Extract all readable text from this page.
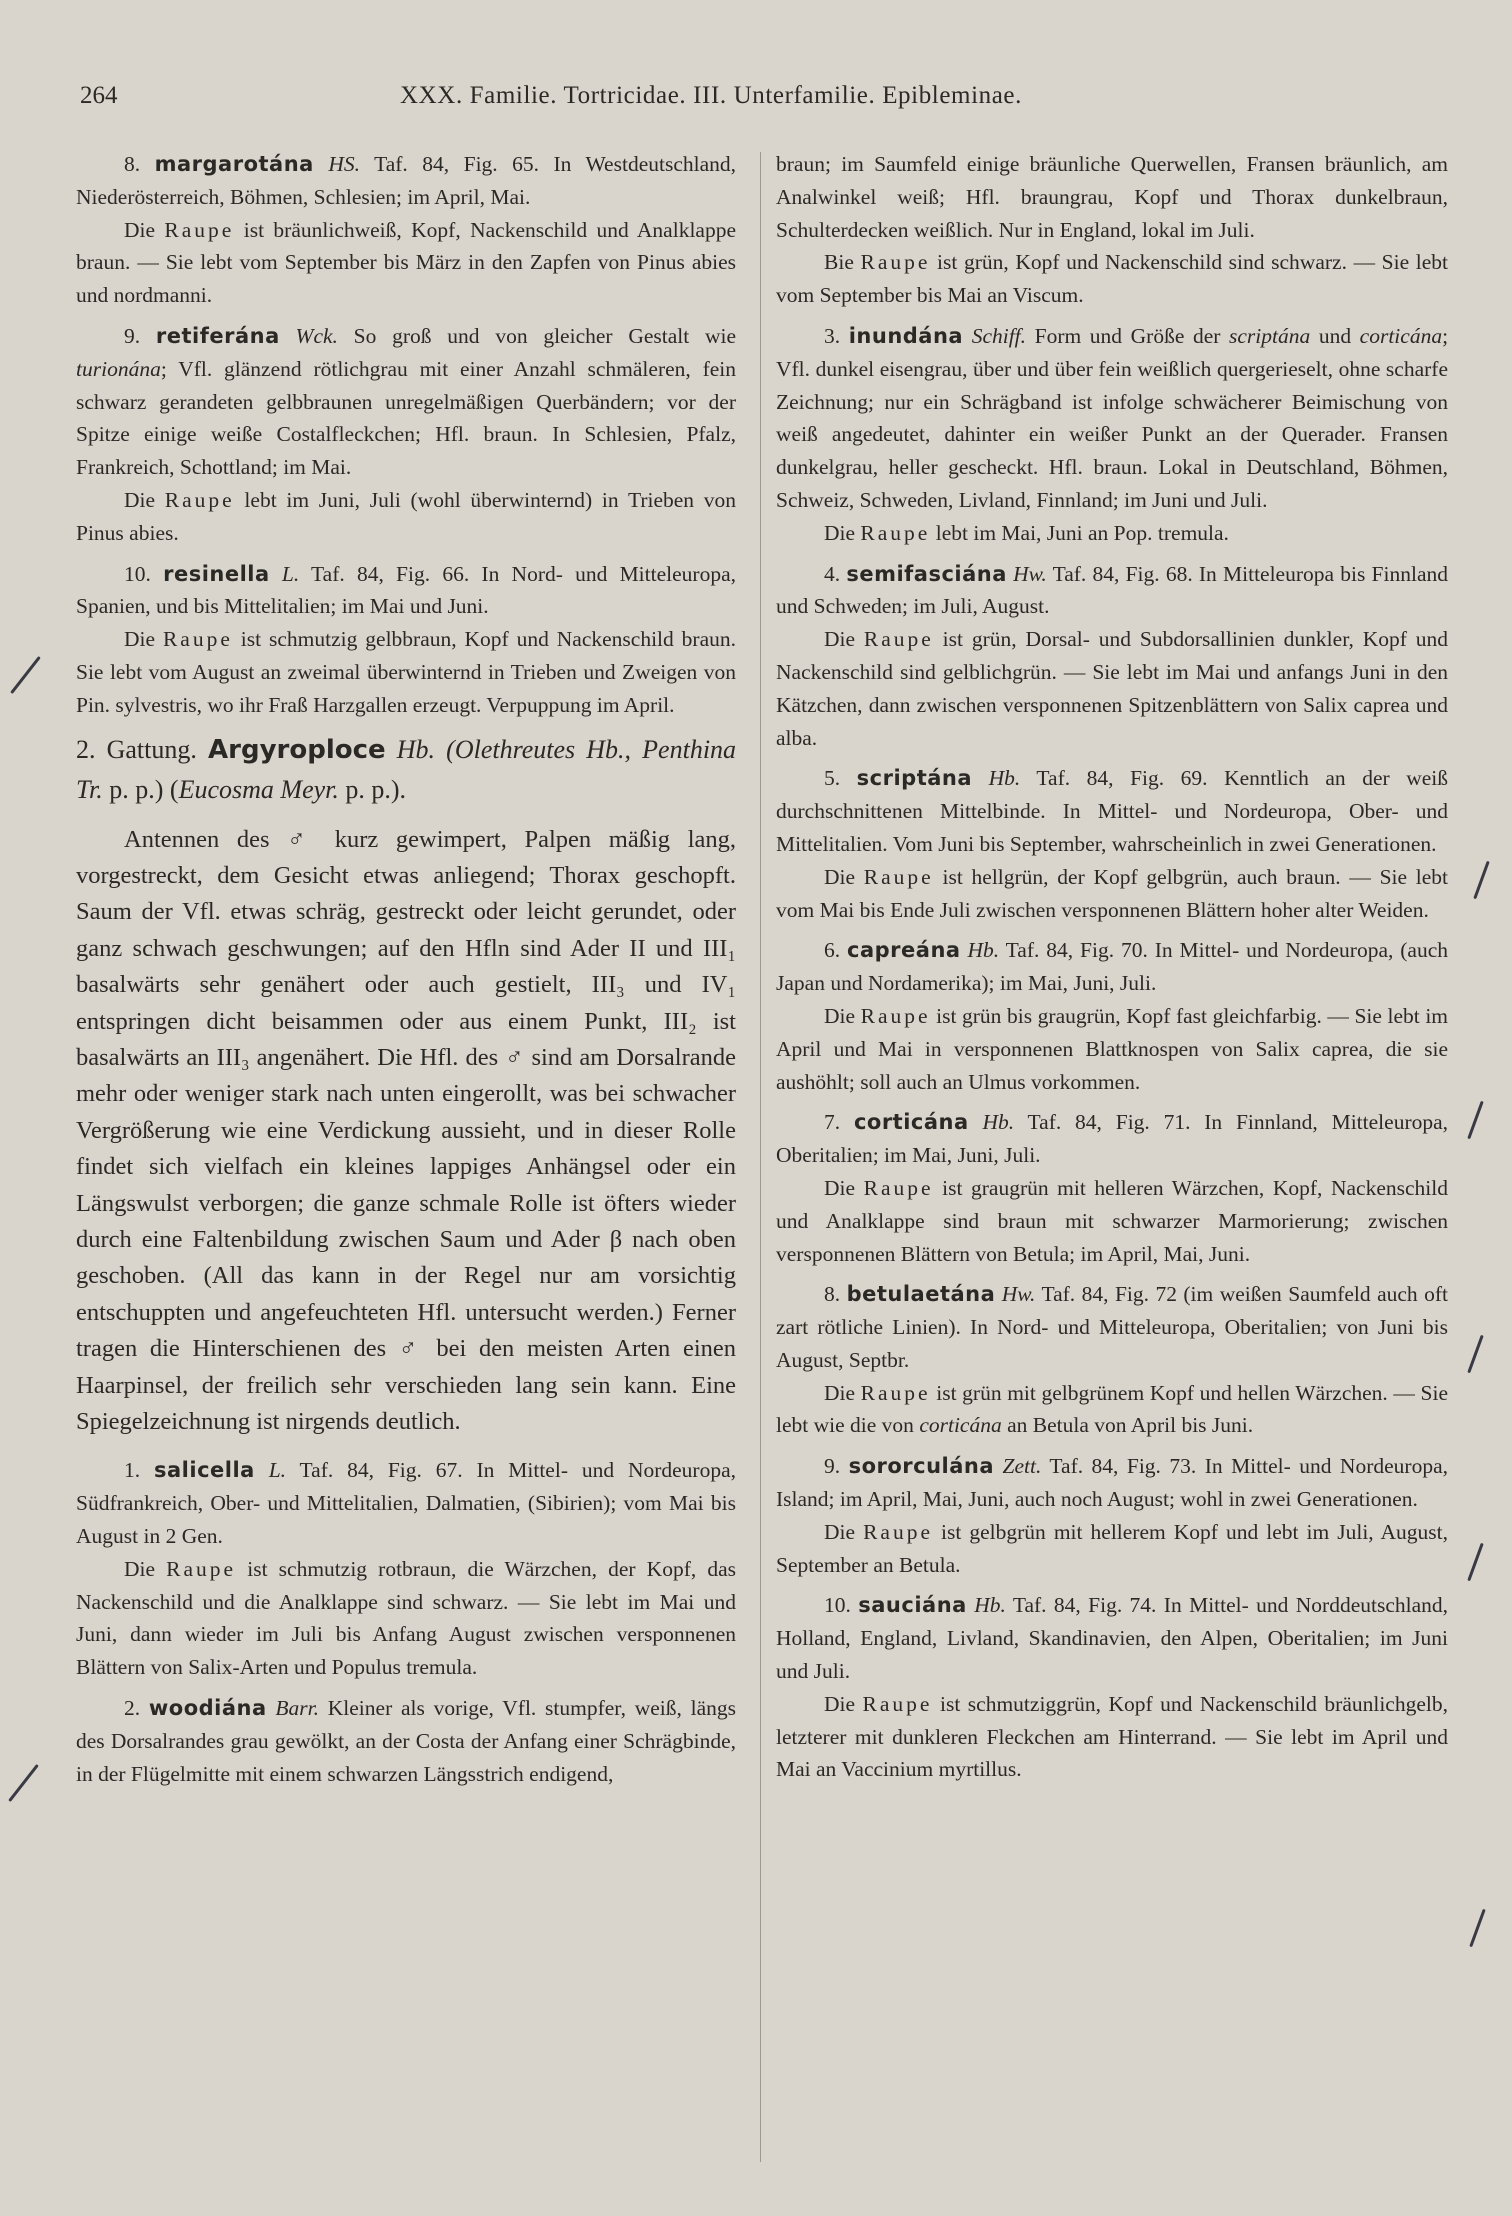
264	XXX. Familie. Tortricidae. III. Unterfamilie. Epibleminae.

8. margarotána HS. Taf. 84, Fig. 65. In Westdeutschland, Niederösterreich, Böhmen, Schlesien; im April, Mai.

Die Raupe ist bräunlichweiß, Kopf, Nackenschild und Analklappe braun. — Sie lebt vom September bis März in den Zapfen von Pinus abies und nordmanni.

9. retiferána Wck. So groß und von gleicher Gestalt wie turionána; Vfl. glänzend rötlichgrau mit einer Anzahl schmäleren, fein schwarz gerandeten gelbbraunen unregelmäßigen Querbändern; vor der Spitze einige weiße Costalfleckchen; Hfl. braun. In Schlesien, Pfalz, Frankreich, Schottland; im Mai.

Die Raupe lebt im Juni, Juli (wohl überwinternd) in Trieben von Pinus abies.

10. resinella L. Taf. 84, Fig. 66. In Nord- und Mitteleuropa, Spanien, und bis Mittelitalien; im Mai und Juni.

Die Raupe ist schmutzig gelbbraun, Kopf und Nackenschild braun. Sie lebt vom August an zweimal überwinternd in Trieben und Zweigen von Pin. sylvestris, wo ihr Fraß Harzgallen erzeugt. Verpuppung im April.

2. Gattung. Argyroploce Hb. (Olethreutes Hb., Penthina Tr. p. p.) (Eucosma Meyr. p. p.).

Antennen des ♂ kurz gewimpert, Palpen mäßig lang, vorgestreckt, dem Gesicht etwas anliegend; Thorax geschopft. Saum der Vfl. etwas schräg, gestreckt oder leicht gerundet, oder ganz schwach geschwungen; auf den Hfln sind Ader II und III₁ basalwärts sehr genähert oder auch gestielt, III₃ und IV₁ entspringen dicht beisammen oder aus einem Punkt, III₂ ist basalwärts an III₃ angenähert. Die Hfl. des ♂ sind am Dorsalrande mehr oder weniger stark nach unten eingerollt, was bei schwacher Vergrößerung wie eine Verdickung aussieht, und in dieser Rolle findet sich vielfach ein kleines lappiges Anhängsel oder ein Längswulst verborgen; die ganze schmale Rolle ist öfters wieder durch eine Faltenbildung zwischen Saum und Ader β nach oben geschoben. (All das kann in der Regel nur am vorsichtig entschuppten und angefeuchteten Hfl. untersucht werden.) Ferner tragen die Hinterschienen des ♂ bei den meisten Arten einen Haarpinsel, der freilich sehr verschieden lang sein kann. Eine Spiegelzeichnung ist nirgends deutlich.

1. salicella L. Taf. 84, Fig. 67. In Mittel- und Nordeuropa, Südfrankreich, Ober- und Mittelitalien, Dalmatien, (Sibirien); vom Mai bis August in 2 Gen.

Die Raupe ist schmutzig rotbraun, die Wärzchen, der Kopf, das Nackenschild und die Analklappe sind schwarz. — Sie lebt im Mai und Juni, dann wieder im Juli bis Anfang August zwischen versponnenen Blättern von Salix-Arten und Populus tremula.

2. woodiána Barr. Kleiner als vorige, Vfl. stumpfer, weiß, längs des Dorsalrandes grau gewölkt, an der Costa der Anfang einer Schrägbinde, in der Flügelmitte mit einem schwarzen Längsstrich endigend,

braun; im Saumfeld einige bräunliche Querwellen, Fransen bräunlich, am Analwinkel weiß; Hfl. braungrau, Kopf und Thorax dunkelbraun, Schulterdecken weißlich. Nur in England, lokal im Juli.

Bie Raupe ist grün, Kopf und Nackenschild sind schwarz. — Sie lebt vom September bis Mai an Viscum.

3. inundána Schiff. Form und Größe der scriptána und corticána; Vfl. dunkel eisengrau, über und über fein weißlich quergerieselt, ohne scharfe Zeichnung; nur ein Schrägband ist infolge schwächerer Beimischung von weiß angedeutet, dahinter ein weißer Punkt an der Querader. Fransen dunkelgrau, heller gescheckt. Hfl. braun. Lokal in Deutschland, Böhmen, Schweiz, Schweden, Livland, Finnland; im Juni und Juli.

Die Raupe lebt im Mai, Juni an Pop. tremula.

4. semifasciána Hw. Taf. 84, Fig. 68. In Mitteleuropa bis Finnland und Schweden; im Juli, August.

Die Raupe ist grün, Dorsal- und Subdorsallinien dunkler, Kopf und Nackenschild sind gelblichgrün. — Sie lebt im Mai und anfangs Juni in den Kätzchen, dann zwischen versponnenen Spitzenblättern von Salix caprea und alba.

5. scriptána Hb. Taf. 84, Fig. 69. Kenntlich an der weiß durchschnittenen Mittelbinde. In Mittel- und Nordeuropa, Ober- und Mittelitalien. Vom Juni bis September, wahrscheinlich in zwei Generationen.

Die Raupe ist hellgrün, der Kopf gelbgrün, auch braun. — Sie lebt vom Mai bis Ende Juli zwischen versponnenen Blättern hoher alter Weiden.

6. capreána Hb. Taf. 84, Fig. 70. In Mittel- und Nordeuropa, (auch Japan und Nordamerika); im Mai, Juni, Juli.

Die Raupe ist grün bis graugrün, Kopf fast gleichfarbig. — Sie lebt im April und Mai in versponnenen Blattknospen von Salix caprea, die sie aushöhlt; soll auch an Ulmus vorkommen.

7. corticána Hb. Taf. 84, Fig. 71. In Finnland, Mitteleuropa, Oberitalien; im Mai, Juni, Juli.

Die Raupe ist graugrün mit helleren Wärzchen, Kopf, Nackenschild und Analklappe sind braun mit schwarzer Marmorierung; zwischen versponnenen Blättern von Betula; im April, Mai, Juni.

8. betulaetána Hw. Taf. 84, Fig. 72 (im weißen Saumfeld auch oft zart rötliche Linien). In Nord- und Mitteleuropa, Oberitalien; von Juni bis August, Septbr.

Die Raupe ist grün mit gelbgrünem Kopf und hellen Wärzchen. — Sie lebt wie die von corticána an Betula von April bis Juni.

9. sororculána Zett. Taf. 84, Fig. 73. In Mittel- und Nordeuropa, Island; im April, Mai, Juni, auch noch August; wohl in zwei Generationen.

Die Raupe ist gelbgrün mit hellerem Kopf und lebt im Juli, August, September an Betula.

10. sauciána Hb. Taf. 84, Fig. 74. In Mittel- und Norddeutschland, Holland, England, Livland, Skandinavien, den Alpen, Oberitalien; im Juni und Juli.

Die Raupe ist schmutziggrün, Kopf und Nackenschild bräunlichgelb, letzterer mit dunkleren Fleckchen am Hinterrand. — Sie lebt im April und Mai an Vaccinium myrtillus.
